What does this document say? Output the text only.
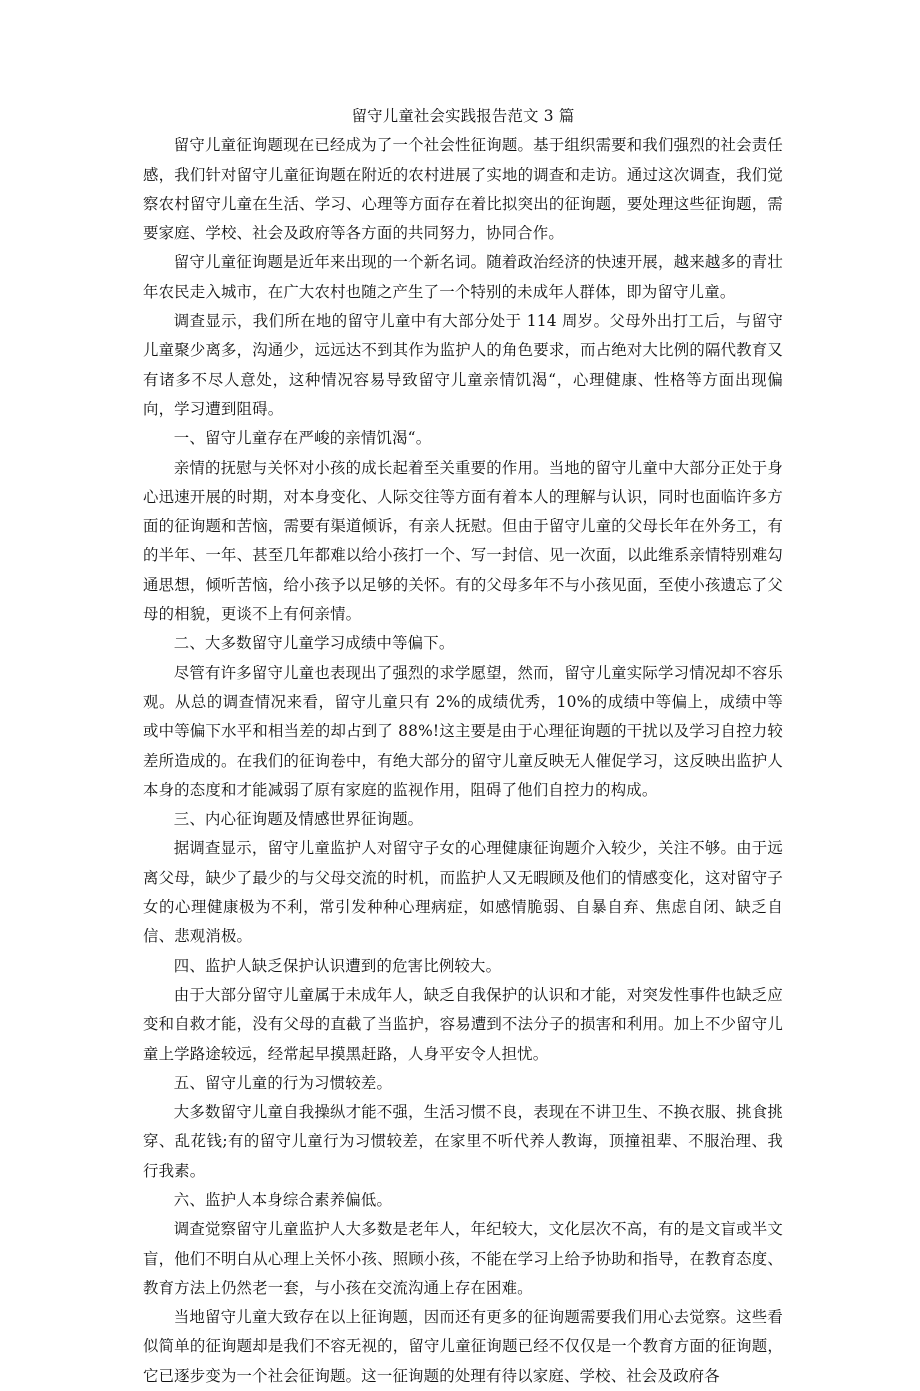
留守儿童社会实践报告范文 3 篇

留守儿童征询题现在已经成为了一个社会性征询题。基于组织需要和我们强烈的社会责任感，我们针对留守儿童征询题在附近的农村进展了实地的调查和走访。通过这次调查，我们觉察农村留守儿童在生活、学习、心理等方面存在着比拟突出的征询题，要处理这些征询题，需要家庭、学校、社会及政府等各方面的共同努力，协同合作。

留守儿童征询题是近年来出现的一个新名词。随着政治经济的快速开展，越来越多的青壮年农民走入城市，在广大农村也随之产生了一个特别的未成年人群体，即为留守儿童。

调查显示，我们所在地的留守儿童中有大部分处于 114 周岁。父母外出打工后，与留守儿童聚少离多，沟通少，远远达不到其作为监护人的角色要求，而占绝对大比例的隔代教育又有诸多不尽人意处，这种情况容易导致留守儿童亲情饥渴“，心理健康、性格等方面出现偏向，学习遭到阻碍。

一、留守儿童存在严峻的亲情饥渴“。

亲情的抚慰与关怀对小孩的成长起着至关重要的作用。当地的留守儿童中大部分正处于身心迅速开展的时期，对本身变化、人际交往等方面有着本人的理解与认识，同时也面临许多方面的征询题和苦恼，需要有渠道倾诉，有亲人抚慰。但由于留守儿童的父母长年在外务工，有的半年、一年、甚至几年都难以给小孩打一个、写一封信、见一次面，以此维系亲情特别难勾通思想，倾听苦恼，给小孩予以足够的关怀。有的父母多年不与小孩见面，至使小孩遗忘了父母的相貌，更谈不上有何亲情。

二、大多数留守儿童学习成绩中等偏下。

尽管有许多留守儿童也表现出了强烈的求学愿望，然而，留守儿童实际学习情况却不容乐观。从总的调查情况来看，留守儿童只有 2%的成绩优秀，10%的成绩中等偏上，成绩中等或中等偏下水平和相当差的却占到了 88%!这主要是由于心理征询题的干扰以及学习自控力较差所造成的。在我们的征询卷中，有绝大部分的留守儿童反映无人催促学习，这反映出监护人本身的态度和才能减弱了原有家庭的监视作用，阻碍了他们自控力的构成。

三、内心征询题及情感世界征询题。

据调查显示，留守儿童监护人对留守子女的心理健康征询题介入较少，关注不够。由于远离父母，缺少了最少的与父母交流的时机，而监护人又无暇顾及他们的情感变化，这对留守子女的心理健康极为不利，常引发种种心理病症，如感情脆弱、自暴自弃、焦虑自闭、缺乏自信、悲观消极。

四、监护人缺乏保护认识遭到的危害比例较大。

由于大部分留守儿童属于未成年人，缺乏自我保护的认识和才能，对突发性事件也缺乏应变和自救才能，没有父母的直截了当监护，容易遭到不法分子的损害和利用。加上不少留守儿童上学路途较远，经常起早摸黑赶路，人身平安令人担忧。

五、留守儿童的行为习惯较差。

大多数留守儿童自我操纵才能不强，生活习惯不良，表现在不讲卫生、不换衣服、挑食挑穿、乱花钱;有的留守儿童行为习惯较差，在家里不听代养人教诲，顶撞祖辈、不服治理、我行我素。

六、监护人本身综合素养偏低。

调查觉察留守儿童监护人大多数是老年人，年纪较大，文化层次不高，有的是文盲或半文盲，他们不明白从心理上关怀小孩、照顾小孩，不能在学习上给予协助和指导，在教育态度、教育方法上仍然老一套，与小孩在交流沟通上存在困难。

当地留守儿童大致存在以上征询题，因而还有更多的征询题需要我们用心去觉察。这些看似简单的征询题却是我们不容无视的，留守儿童征询题已经不仅仅是一个教育方面的征询题，它已逐步变为一个社会征询题。这一征询题的处理有待以家庭、学校、社会及政府各
